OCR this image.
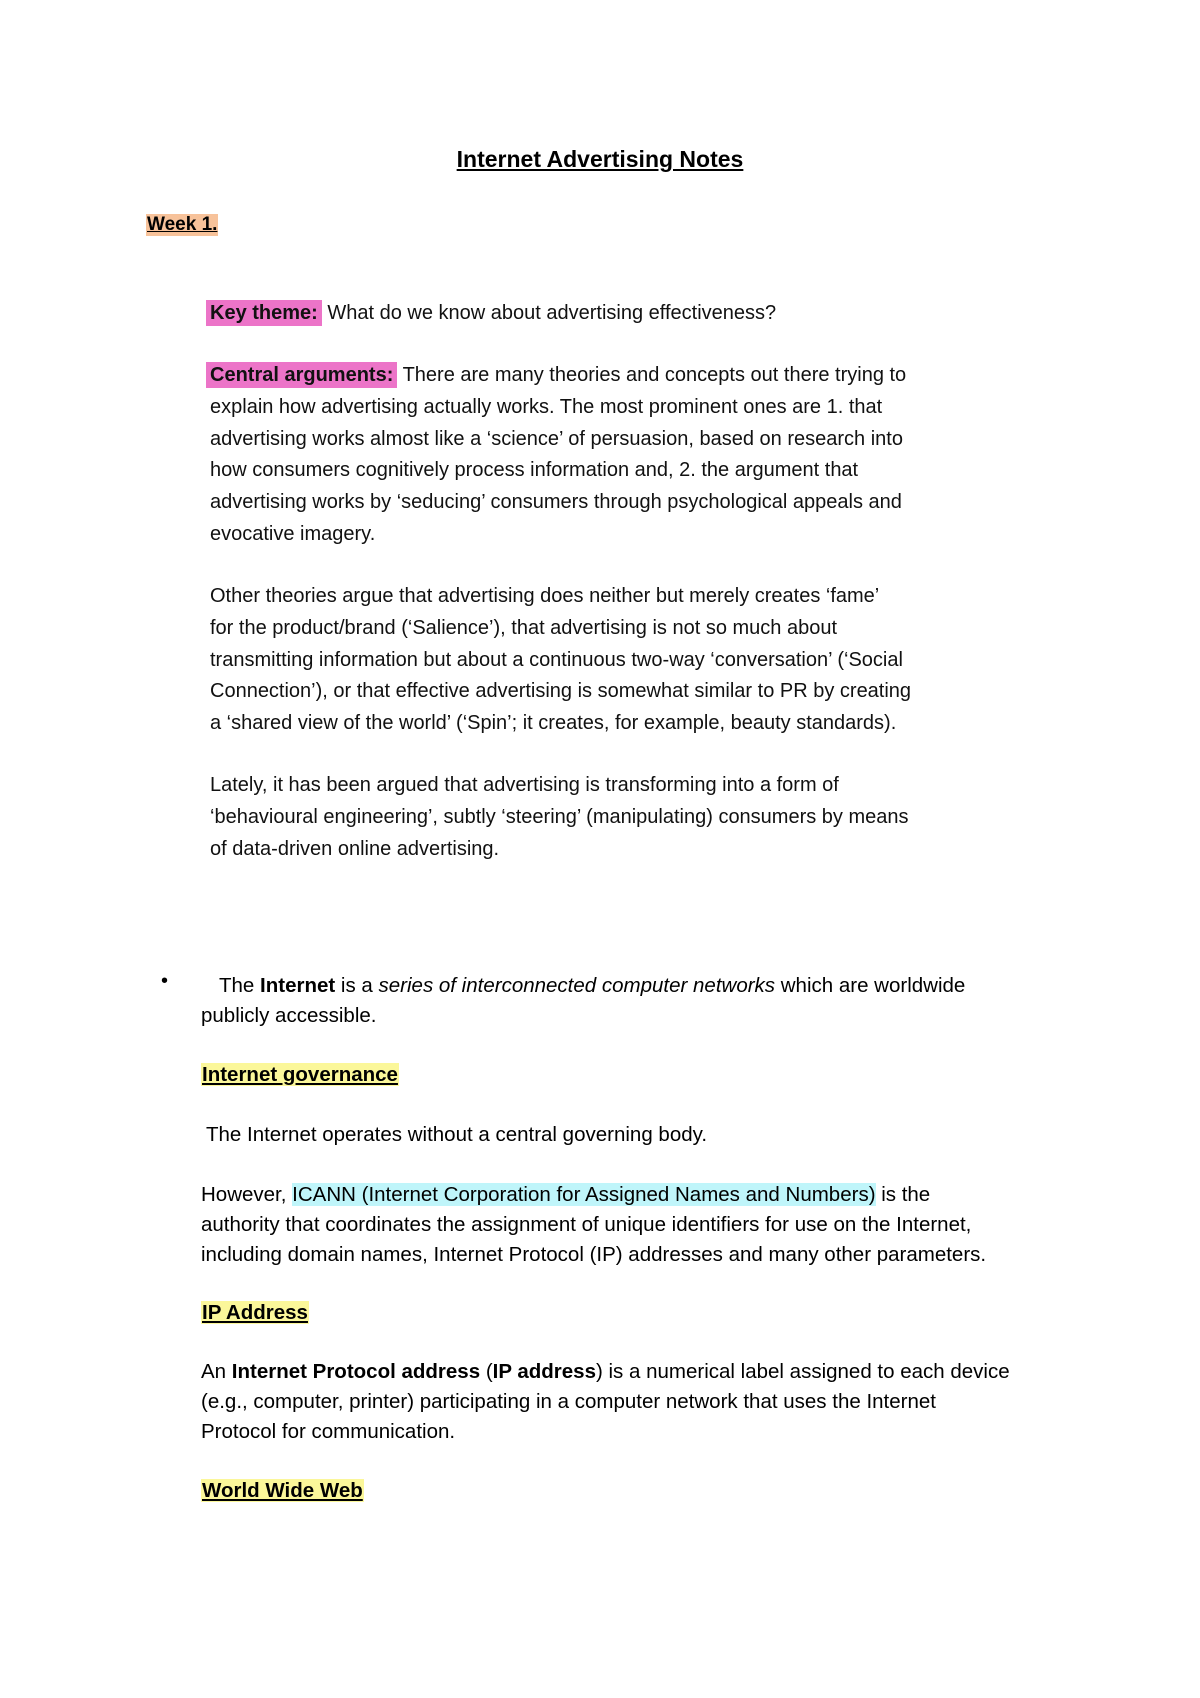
Internet Advertising Notes
Week 1.
Key theme: What do we know about advertising effectiveness?
Central arguments: There are many theories and concepts out there trying to
explain how advertising actually works. The most prominent ones are 1. that
advertising works almost like a ‘science’ of persuasion, based on research into
how consumers cognitively process information and, 2. the argument that
advertising works by ‘seducing’ consumers through psychological appeals and
evocative imagery.
Other theories argue that advertising does neither but merely creates ‘fame’
for the product/brand (‘Salience’), that advertising is not so much about
transmitting information but about a continuous two-way ‘conversation’ (‘Social
Connection’), or that effective advertising is somewhat similar to PR by creating
a ‘shared view of the world’ (‘Spin’; it creates, for example, beauty standards).
Lately, it has been argued that advertising is transforming into a form of
‘behavioural engineering’, subtly ‘steering’ (manipulating) consumers by means
of data-driven online advertising.
•	The Internet is a series of interconnected computer networks which are worldwide
publicly accessible.
Internet governance
The Internet operates without a central governing body.
However, ICANN (Internet Corporation for Assigned Names and Numbers) is the
authority that coordinates the assignment of unique identifiers for use on the Internet,
including domain names, Internet Protocol (IP) addresses and many other parameters.
IP Address
An Internet Protocol address (IP address) is a numerical label assigned to each device
(e.g., computer, printer) participating in a computer network that uses the Internet
Protocol for communication.
World Wide Web
